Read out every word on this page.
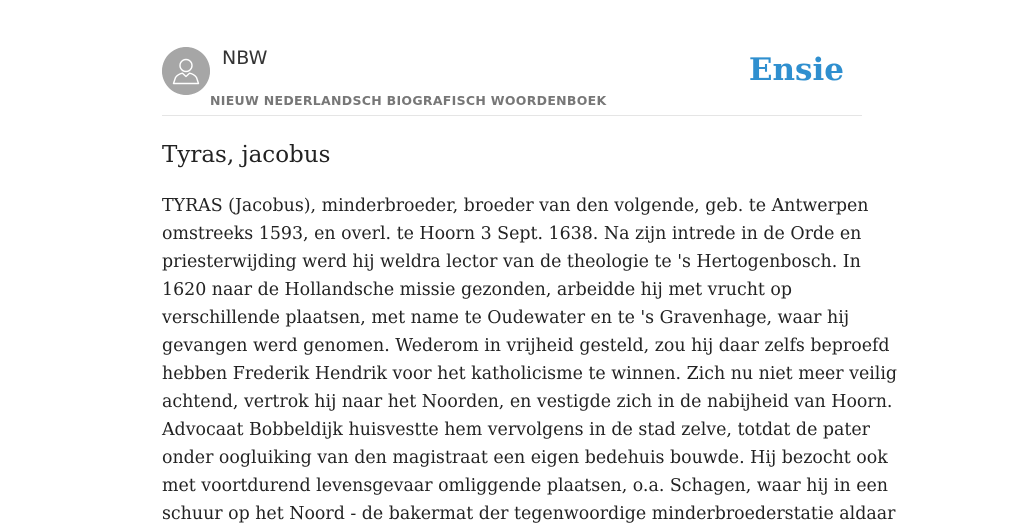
NBW
NIEUW NEDERLANDSCH BIOGRAFISCH WOORDENBOEK
Ensie
Tyras, jacobus

TYRAS (Jacobus), minderbroeder, broeder van den volgende, geb. te Antwerpen
omstreeks 1593, en overl. te Hoorn 3 Sept. 1638. Na zijn intrede in de Orde en
priesterwijding werd hij weldra lector van de theologie te 's Hertogenbosch. In
1620 naar de Hollandsche missie gezonden, arbeidde hij met vrucht op
verschillende plaatsen, met name te Oudewater en te 's Gravenhage, waar hij
gevangen werd genomen. Wederom in vrijheid gesteld, zou hij daar zelfs beproefd
hebben Frederik Hendrik voor het katholicisme te winnen. Zich nu niet meer veilig
achtend, vertrok hij naar het Noorden, en vestigde zich in de nabijheid van Hoorn.
Advocaat Bobbeldijk huisvestte hem vervolgens in de stad zelve, totdat de pater
onder oogluiking van den magistraat een eigen bedehuis bouwde. Hij bezocht ook
met voortdurend levensgevaar omliggende plaatsen, o.a. Schagen, waar hij in een
schuur op het Noord - de bakermat der tegenwoordige minderbroederstatie aldaar
